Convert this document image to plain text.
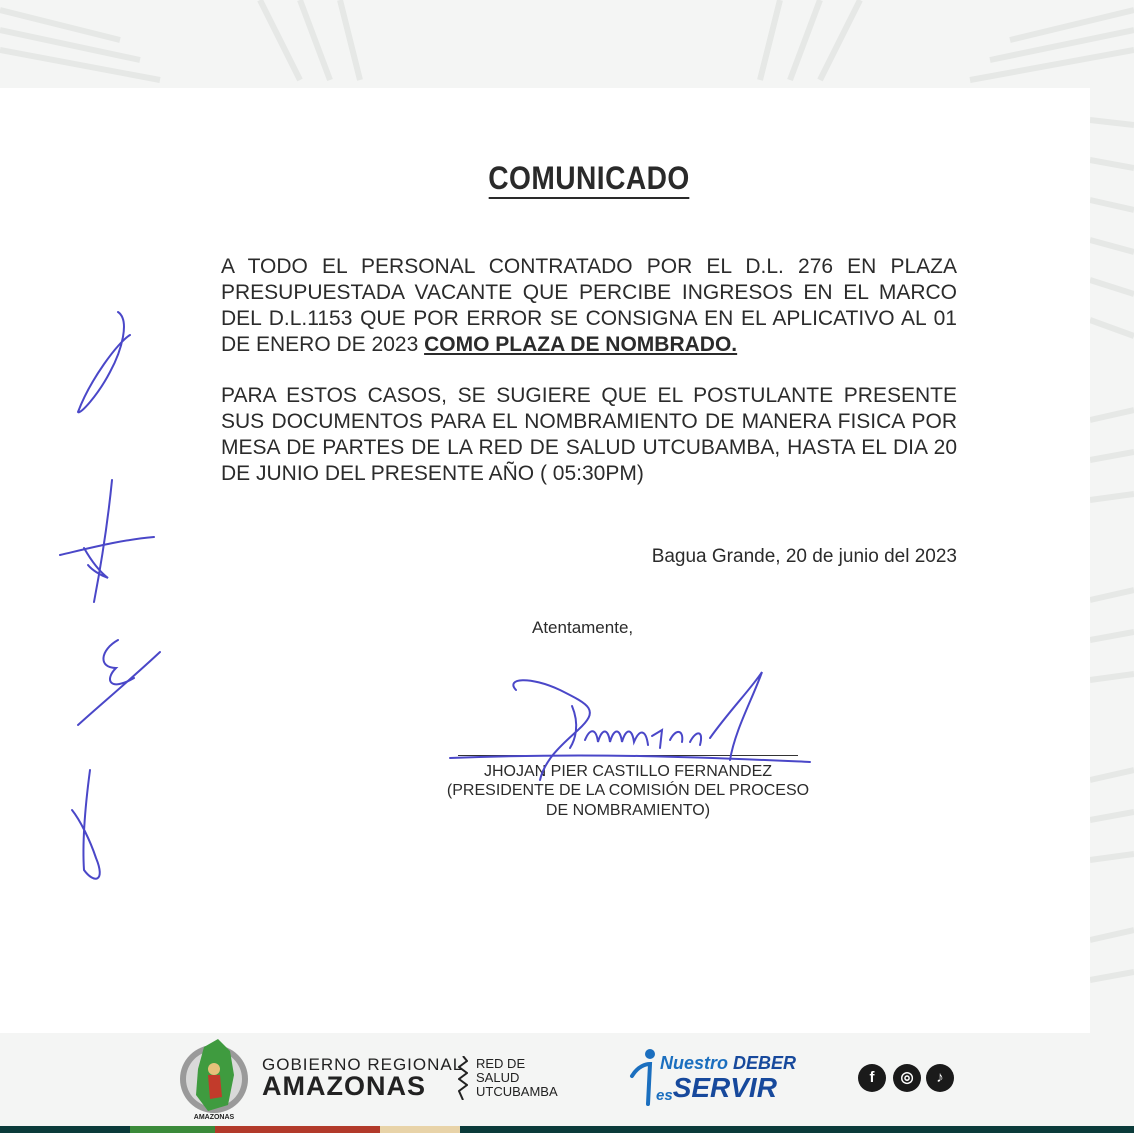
COMUNICADO
A TODO EL PERSONAL CONTRATADO POR EL D.L. 276 EN PLAZA PRESUPUESTADA VACANTE QUE PERCIBE INGRESOS EN EL MARCO DEL D.L.1153 QUE POR ERROR SE CONSIGNA EN EL APLICATIVO AL 01 DE ENERO DE 2023 COMO PLAZA DE NOMBRADO.
PARA ESTOS CASOS, SE SUGIERE QUE EL POSTULANTE PRESENTE SUS DOCUMENTOS PARA EL NOMBRAMIENTO DE MANERA FISICA POR MESA DE PARTES DE LA RED DE SALUD UTCUBAMBA, HASTA EL DIA 20 DE JUNIO DEL PRESENTE AÑO ( 05:30PM)
Bagua Grande, 20 de junio del 2023
Atentamente,
JHOJAN PIER CASTILLO FERNANDEZ
(PRESIDENTE DE LA COMISIÓN DEL PROCESO
DE NOMBRAMIENTO)
AMAZONAS
GOBIERNO REGIONAL
AMAZONAS
RED DE
SALUD
UTCUBAMBA
Nuestro DEBER
esSERVIR	f	◎	♪
